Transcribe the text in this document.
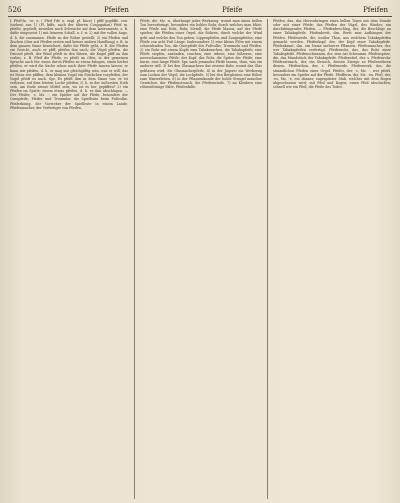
526	Pfeifen	Pfeife	Pfeifen
l. Pfeif-fa, -ce, n. ( Pfeif f'de u. engl. pl. Kurz) ( pfiff gopfiffe, von: (sieben) aus 1) (Pl. kiffe, nach der älteren Conjugation) Pfeif m. pfeifte, gepfeift; zuweilen auch Schwäche auf dem Instrumente, z. B. dafür eingesetzt 1) mit leiseren Schall, u. f. w. 2) mit der vollen Auge, d. h. die zusammen. Pfeife zu der Röhre gestellt, 2) ein Pfeifen und Zischen (dies mit Pfeifen ersten und keiner andern Handlung) z. B. in dem ganzen Sinne bezeichnet, dafür die Pfeife geht, z. B. der Pfeifen ein Gesicht, auch: er pfiff, pfeifen ihm nach; die Vögel pfeifen, die Drossel pfeift, der Wind pfeift in den Ritzen, die Kugel pfiff an ihm vorbei, z. B. Pfeif die Pfeife, es pfeift im Ofen; in der gemeinen Sprache auch für: einen durch Pfeifen zu etwas bringen, einen herbei pfeifen, er wird die Sache schon nach ihrer Pfeife tanzen lassen; er kann mir pfeifen, d. h. er mag mir gleichgültig sein, was er will; das ist Maus wie pfiffen; dem kleinen Vogel ein Stückchen vorpfeifen, der Vogel pfeift es nach. Spr. Es pfeift ihm in dem Sinne von: er ist verloren; auf dem letzten Loche pfeifen, d. h. in der äußersten Noth sein, am Ende seiner Mittel sein; wo ist es her gepfiffen? 2) ein Pfeifen im Spiele; einem etwas pfeifen, d. h. es ihm abschlagen. — Der Pfeifer, -s, Mz. -, ein Spieler auf der Pfeife, besonders der Querpfeife; Pfeifer und Trommler, die Spielleute beim Fußvolke. Pfeiferkönig, der Vorsteher der Spielleute in einem Lande. Pfeifenmacher, der Verfertiger von Pfeifen.
Pfeife, die, Mz. -n, überhaupt jedes Werkzeug, womit man einen hellen Ton hervorbringt, besonders ein hohles Rohr, durch welches man bläst; eine Pfeife aus Holz, Rohr, Metall; die Pfeife blasen; auf der Pfeife spielen; die Pfeifen einer Orgel, die Röhren, durch welche der Wind geht und welche den Ton geben; Lippenpfeifen und Zungenpfeifen; eine Pfeife von acht Fuß Länge. Insbesondere 1) eine kleine Flöte mit einem schneidenden Ton, die Querpfeife des Fußvolks; Trommeln und Pfeifen. 2) ein Rohr mit einem Kopfe zum Tabakrauchen, die Tabakspfeife; eine Pfeife stopfen, anzünden, rauchen; eine irdene, eine hölzerne, eine meerschaumene Pfeife; der Kopf, das Rohr, die Spitze der Pfeife; eine kurze, eine lange Pfeife. Spr. nach jemandes Pfeife tanzen, thun, was ein anderer will. 3) bei den Glasmachern das eiserne Rohr, womit das Glas geblasen wird, die Glasmacherpfeife. 4) in der Jägerei ein Werkzeug zum Locken der Vögel, die Lockpfeife. 5) bei den Bergleuten eine Röhre zum Wasserleiten. 6) in der Pflanzenkunde der hohle Stengel mancher Gewächse, der Pfeifenstrauch, die Pfeifenwinde. 7) an Kleidern eine röhrenförmige Falte, Pfeifenfalte.
Pfeifen, das, das Hervorbringen eines hellen Tones mit dem Munde oder mit einer Pfeife; das Pfeifen der Vögel, des Windes; ein durchdringendes Pfeifen. — Pfeifenbeschlag, der, die Beschläge an einer Tabakspfeife. Pfeifenbrett, das, Brett zum Aufhängen der Pfeifen. Pfeifenerde, die, weißer Thon, aus welchem Tabakspfeifen gemacht werden. Pfeifenkopf, der, der Kopf einer Tabakspfeife. Pfeifenkraut, das, ein Name mehrerer Pflanzen. Pfeifenmacher, der, wer Tabakspfeifen verfertigt. Pfeifenrohr, das, das Rohr einer Tabakspfeife. Pfeifenschwamm, der, eine Art Schwamm. Pfeifenspitze, die, das Mundstück der Tabakspfeife. Pfeifenstiel, der, s. Pfeifenrohr. Pfeifenstrauch, der, ein Strauch, dessen Zweige zu Pfeifenröhren dienen. Pfeifenthon, der, s. Pfeifenerde. Pfeifenwerk, das, die sämmtlichen Pfeifen einer Orgel. Pfeifer, der, -s, Mz. -, wer pfeift, besonders ein Spieler auf der Pfeife. Pfeifferin, die, Mz. -en. Pfeil, der, -es, Mz. -e, ein dünner, zugespitzter Stab, welcher mit dem Bogen abgeschossen wird; mit Pfeil und Bogen; einen Pfeil abschießen; schnell wie ein Pfeil; die Pfeile des Todes.
